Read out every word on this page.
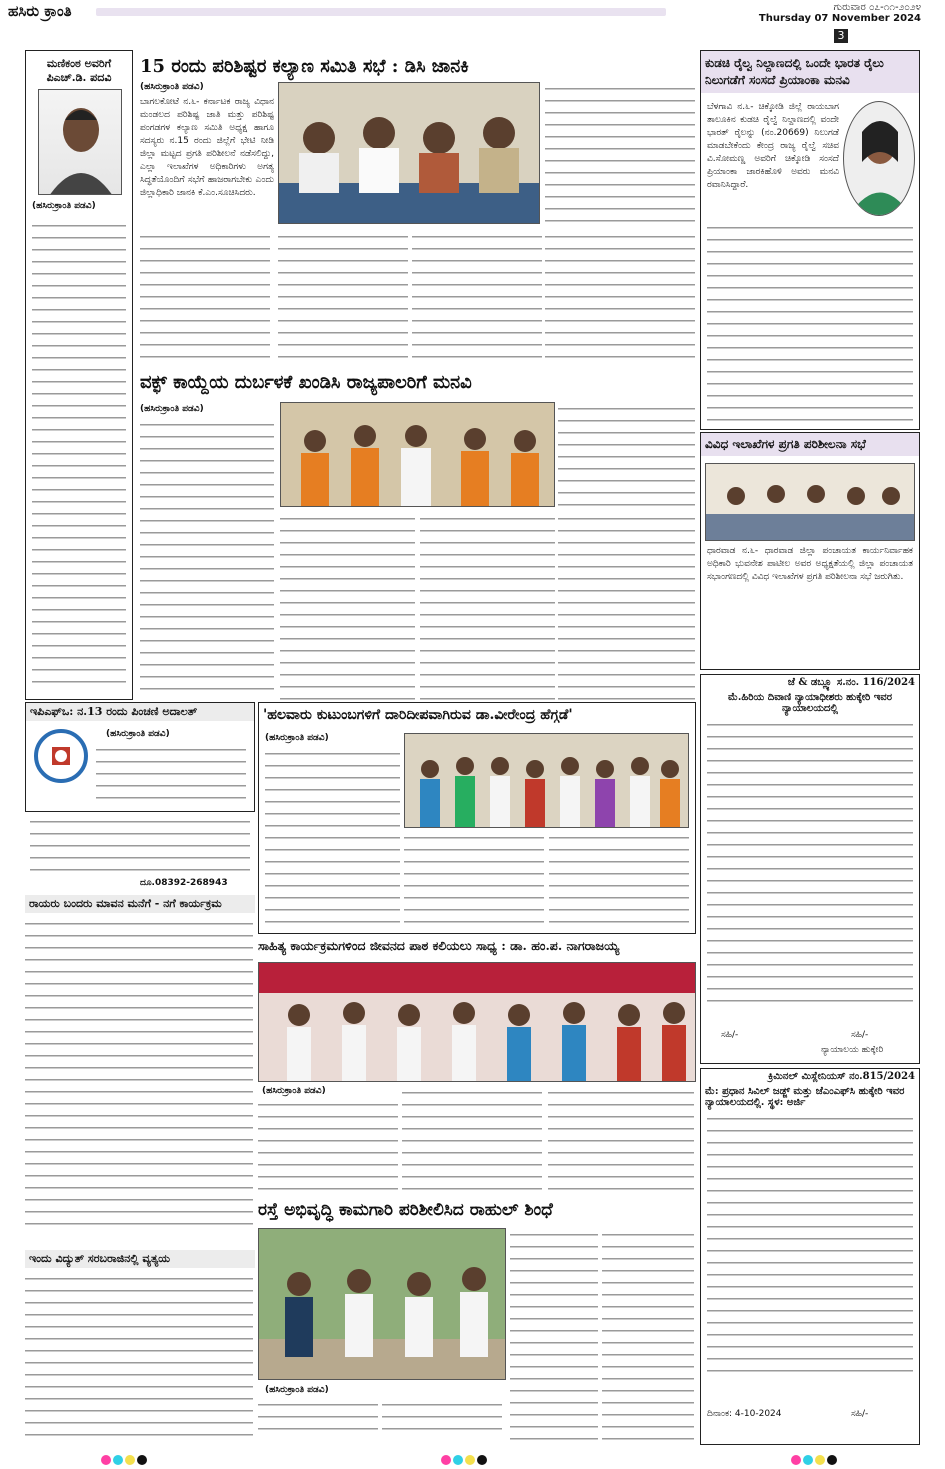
ಹಸಿರು ಕ್ರಾಂತಿ	ಗುರುವಾರ ೦೭-೧೧-೨೦೨೪
Thursday 07 November 2024
3
ಮಣಿಕಂಠ ಅವರಿಗೆ
ಪಿಎಚ್‌.ಡಿ. ಪದವಿ
(ಹಸಿರುಕ್ರಾಂತಿ ಪಡವಿ)
ಇಪಿಎಫ್‌ಒ: ನ.13 ರಂದು ಪಿಂಚಣಿ ಅದಾಲತ್
(ಹಸಿರುಕ್ರಾಂತಿ ಪಡವಿ)
ದೂ.08392-268943
ರಾಯರು ಬಂದರು ಮಾವನ ಮನೆಗೆ - ನಗೆ ಕಾರ್ಯಕ್ರಮ
ಇಂದು ವಿದ್ಯುತ್ ಸರಬರಾಜಿನಲ್ಲಿ ವ್ಯತ್ಯಯ
15 ರಂದು ಪರಿಶಿಷ್ಟರ ಕಲ್ಯಾಣ ಸಮಿತಿ ಸಭೆ : ಡಿಸಿ ಜಾನಕಿ
(ಹಸಿರುಕ್ರಾಂತಿ ಪಡವಿ)
ಬಾಗಲಕೋಟೆ ನ.೬- ಕರ್ನಾಟಕ ರಾಜ್ಯ ವಿಧಾನ ಮಂಡಲದ ಪರಿಶಿಷ್ಟ ಜಾತಿ ಮತ್ತು ಪರಿಶಿಷ್ಟ ಪಂಗಡಗಳ ಕಲ್ಯಾಣ ಸಮಿತಿ ಅಧ್ಯಕ್ಷ ಹಾಗೂ ಸದಸ್ಯರು ನ.15 ರಂದು ಜಿಲ್ಲೆಗೆ ಭೇಟಿ ನೀಡಿ ಜಿಲ್ಲಾ ಮಟ್ಟದ ಪ್ರಗತಿ ಪರಿಶೀಲನೆ ನಡೆಸಲಿದ್ದು, ಎಲ್ಲಾ ಇಲಾಖೆಗಳ ಅಧಿಕಾರಿಗಳು ಅಗತ್ಯ ಸಿದ್ಧತೆಯೊಂದಿಗೆ ಸಭೆಗೆ ಹಾಜರಾಗಬೇಕು ಎಂದು ಜಿಲ್ಲಾಧಿಕಾರಿ ಜಾನಕಿ ಕೆ.ಎಂ.ಸೂಚಿಸಿದರು.
ಕುಡಚಿ ರೈಲ್ವ ನಿಲ್ದಾಣದಲ್ಲಿ ಒಂದೇ ಭಾರತ ರೈಲು ನಿಲುಗಡೆಗೆ ಸಂಸದೆ ಪ್ರಿಯಾಂಕಾ ಮನವಿ
ಬೆಳಗಾವಿ ನ.೬- ಚಿಕ್ಕೋಡಿ ಜಿಲ್ಲೆ ರಾಯಬಾಗ ತಾಲೂಕಿನ ಕುಡಚಿ ರೈಲ್ವೆ ನಿಲ್ದಾಣದಲ್ಲಿ ವಂದೇ ಭಾರತ್ ರೈಲನ್ನು (ನಂ.20669) ನಿಲುಗಡೆ ಮಾಡಬೇಕೆಂದು ಕೇಂದ್ರ ರಾಜ್ಯ ರೈಲ್ವೆ ಸಚಿವ ವಿ.ಸೋಮಣ್ಣ ಅವರಿಗೆ ಚಿಕ್ಕೋಡಿ ಸಂಸದೆ ಪ್ರಿಯಾಂಕಾ ಜಾರಕಿಹೊಳಿ ಅವರು ಮನವಿ ರವಾನಿಸಿದ್ದಾರೆ.
ವಕ್ಫ್ ಕಾಯ್ದೆಯ ದುರ್ಬಳಕೆ ಖಂಡಿಸಿ ರಾಜ್ಯಪಾಲರಿಗೆ ಮನವಿ
(ಹಸಿರುಕ್ರಾಂತಿ ಪಡವಿ)
ವಿವಿಧ ಇಲಾಖೆಗಳ ಪ್ರಗತಿ ಪರಿಶೀಲನಾ ಸಭೆ
ಧಾರವಾಡ ನ.೬- ಧಾರವಾಡ ಜಿಲ್ಲಾ ಪಂಚಾಯತ ಕಾರ್ಯನಿರ್ವಾಹಕ ಅಧಿಕಾರಿ ಭುವನೇಶ ಪಾಟೀಲ ಅವರ ಅಧ್ಯಕ್ಷತೆಯಲ್ಲಿ ಜಿಲ್ಲಾ ಪಂಚಾಯತ ಸಭಾಂಗಣದಲ್ಲಿ ವಿವಿಧ ಇಲಾಖೆಗಳ ಪ್ರಗತಿ ಪರಿಶೀಲನಾ ಸಭೆ ಜರುಗಿತು.
ಜೆ & ಡಬ್ಲ್ಯೂ ಸ.ನಂ. 116/2024
ಮೆ.ಹಿರಿಯ ದಿವಾಣಿ ನ್ಯಾಯಾಧೀಶರು ಹುಕ್ಕೇರಿ ಇವರ ನ್ಯಾಯಾಲಯದಲ್ಲಿ
ಸಹಿ/-	ಸಹಿ/-
ನ್ಯಾಯಾಲಯ ಹುಕ್ಕೇರಿ
ಕ್ರಿಮಿನಲ್ ಮಿಸ್ಲೇನಿಯಸ್ ನಂ.815/2024
ಮೆ: ಪ್ರಧಾನ ಸಿವಿಲ್ ಜಡ್ಜ್ ಮತ್ತು ಜೆಎಂಎಫ್‌ಸಿ ಹುಕ್ಕೇರಿ ಇವರ ನ್ಯಾಯಾಲಯದಲ್ಲಿ. ಸ್ಥಳ: ಅರ್ಜಿ
ದಿನಾಂಕ: 4-10-2024	ಸಹಿ/-
'ಹಲವಾರು ಕುಟುಂಬಗಳಿಗೆ ದಾರಿದೀಪವಾಗಿರುವ ಡಾ.ವೀರೇಂದ್ರ ಹೆಗ್ಗಡೆ'
(ಹಸಿರುಕ್ರಾಂತಿ ಪಡವಿ)
ಸಾಹಿತ್ಯ ಕಾರ್ಯಕ್ರಮಗಳಿಂದ ಜೀವನದ ಪಾಠ ಕಲಿಯಲು ಸಾಧ್ಯ : ಡಾ. ಹಂ.ಪ. ನಾಗರಾಜಯ್ಯ
(ಹಸಿರುಕ್ರಾಂತಿ ಪಡವಿ)
ರಸ್ತೆ ಅಭಿವೃದ್ಧಿ ಕಾಮಗಾರಿ ಪರಿಶೀಲಿಸಿದ ರಾಹುಲ್ ಶಿಂಧೆ
(ಹಸಿರುಕ್ರಾಂತಿ ಪಡವಿ)
